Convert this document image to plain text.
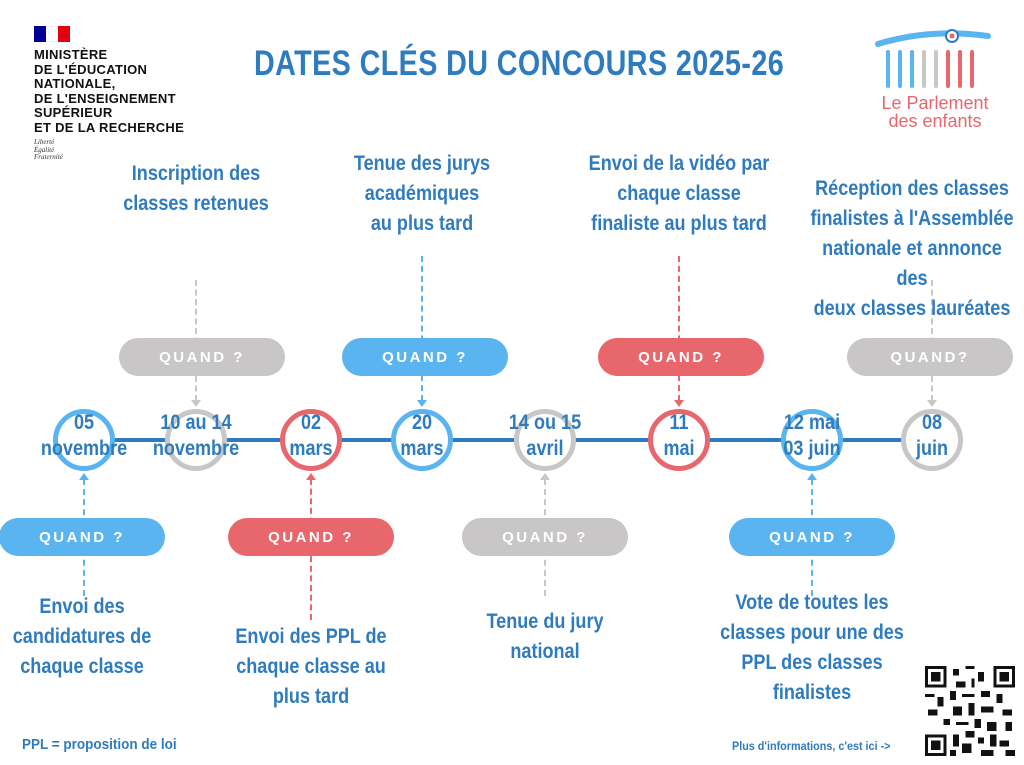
MINISTÈRE
DE L'ÉDUCATION
NATIONALE,
DE L'ENSEIGNEMENT
SUPÉRIEUR
ET DE LA RECHERCHE
Liberté
Égalité
Fraternité
DATES CLÉS DU CONCOURS 2025-26
Le Parlement
des enfants
05
novembre
QUAND ?
Envoi des
candidatures de
chaque classe
10 au 14
novembre
QUAND ?
Inscription des
classes retenues
02
mars
QUAND ?
Envoi des PPL de
chaque classe au
plus tard
20
mars
QUAND ?
Tenue des jurys
académiques
au plus tard
14 ou 15
avril
QUAND ?
Tenue du jury
national
11
mai
QUAND ?
Envoi de la vidéo par
chaque classe
finaliste au plus tard
12 mai
03 juin
QUAND ?
Vote de toutes les
classes pour une des
PPL des classes
finalistes
08
juin
QUAND?
Réception des classes
finalistes à l'Assemblée
nationale et annonce des
deux classes lauréates
PPL = proposition de loi	Plus d'informations, c'est ici ->
